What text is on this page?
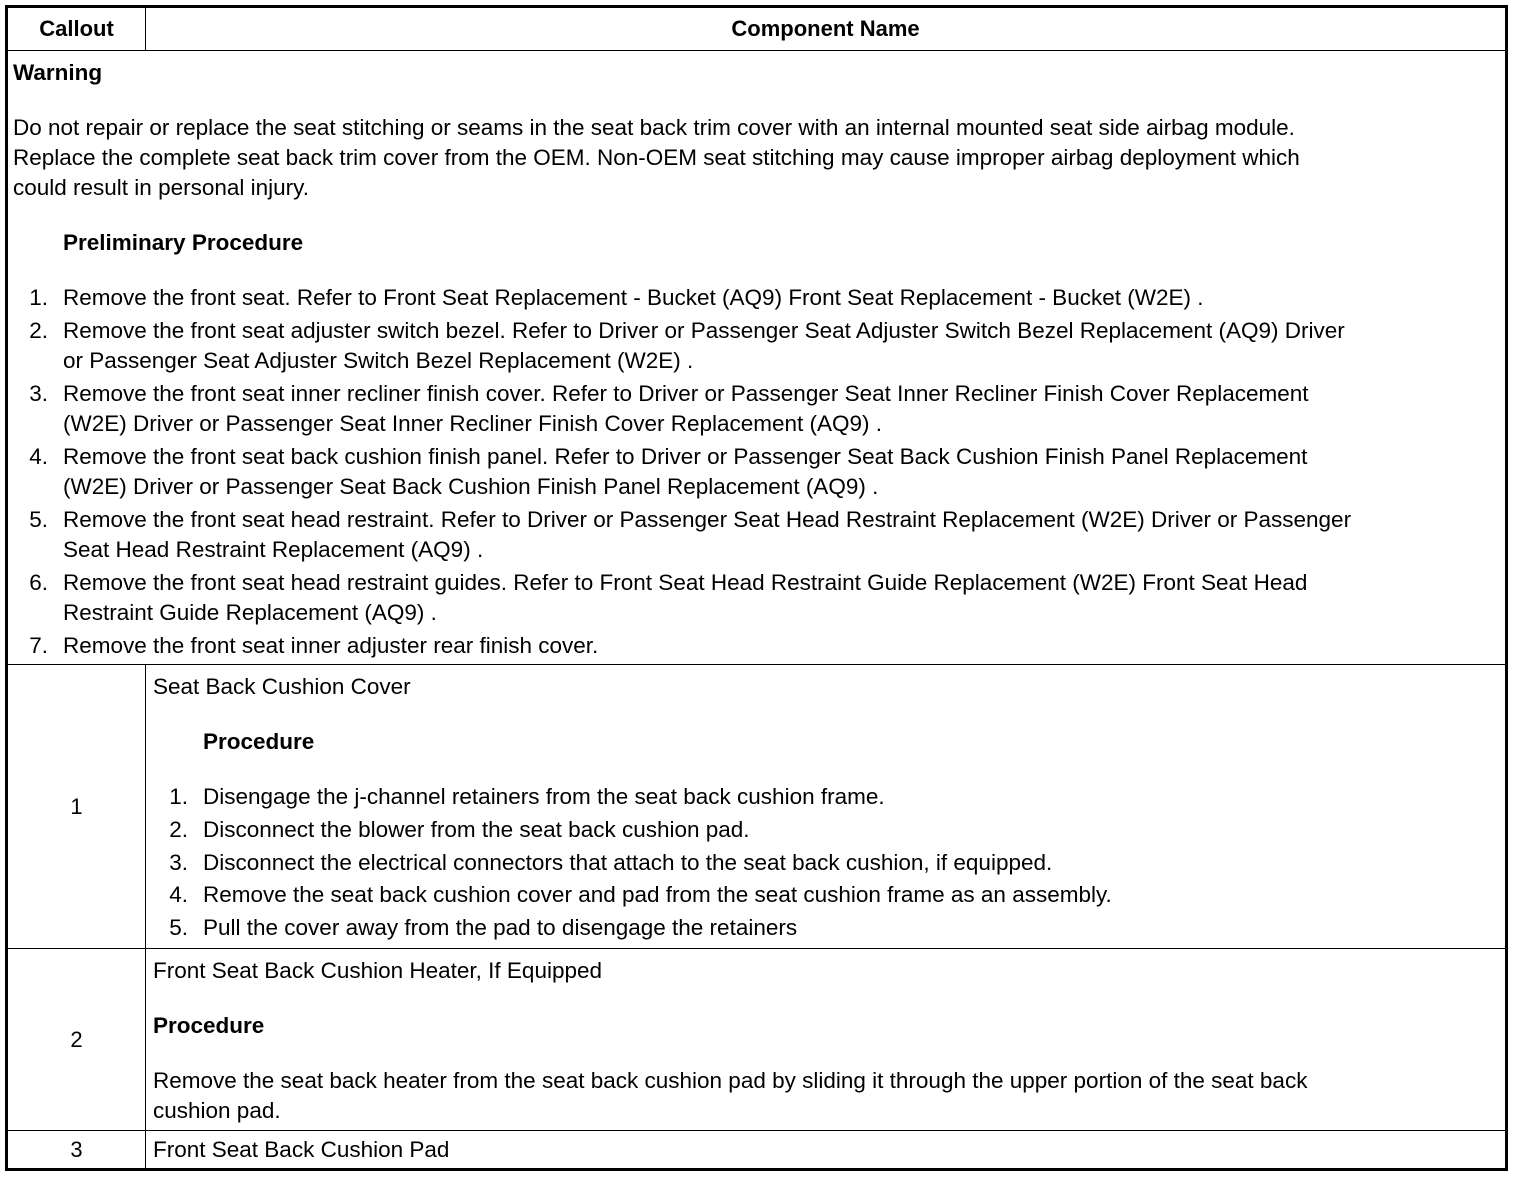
Callout	Component Name
Warning
Do not repair or replace the seat stitching or seams in the seat back trim cover with an internal mounted seat side airbag module.
Replace the complete seat back trim cover from the OEM. Non-OEM seat stitching may cause improper airbag deployment which
could result in personal injury.
Preliminary Procedure
1. Remove the front seat. Refer to Front Seat Replacement - Bucket (AQ9) Front Seat Replacement - Bucket (W2E) .
2. Remove the front seat adjuster switch bezel. Refer to Driver or Passenger Seat Adjuster Switch Bezel Replacement (AQ9) Driver
or Passenger Seat Adjuster Switch Bezel Replacement (W2E) .
3. Remove the front seat inner recliner finish cover. Refer to Driver or Passenger Seat Inner Recliner Finish Cover Replacement
(W2E) Driver or Passenger Seat Inner Recliner Finish Cover Replacement (AQ9) .
4. Remove the front seat back cushion finish panel. Refer to Driver or Passenger Seat Back Cushion Finish Panel Replacement
(W2E) Driver or Passenger Seat Back Cushion Finish Panel Replacement (AQ9) .
5. Remove the front seat head restraint. Refer to Driver or Passenger Seat Head Restraint Replacement (W2E) Driver or Passenger
Seat Head Restraint Replacement (AQ9) .
6. Remove the front seat head restraint guides. Refer to Front Seat Head Restraint Guide Replacement (W2E) Front Seat Head
Restraint Guide Replacement (AQ9) .
7. Remove the front seat inner adjuster rear finish cover.
1
Seat Back Cushion Cover
Procedure
1. Disengage the j-channel retainers from the seat back cushion frame.
2. Disconnect the blower from the seat back cushion pad.
3. Disconnect the electrical connectors that attach to the seat back cushion, if equipped.
4. Remove the seat back cushion cover and pad from the seat cushion frame as an assembly.
5. Pull the cover away from the pad to disengage the retainers
2
Front Seat Back Cushion Heater, If Equipped
Procedure
Remove the seat back heater from the seat back cushion pad by sliding it through the upper portion of the seat back
cushion pad.
3	Front Seat Back Cushion Pad
